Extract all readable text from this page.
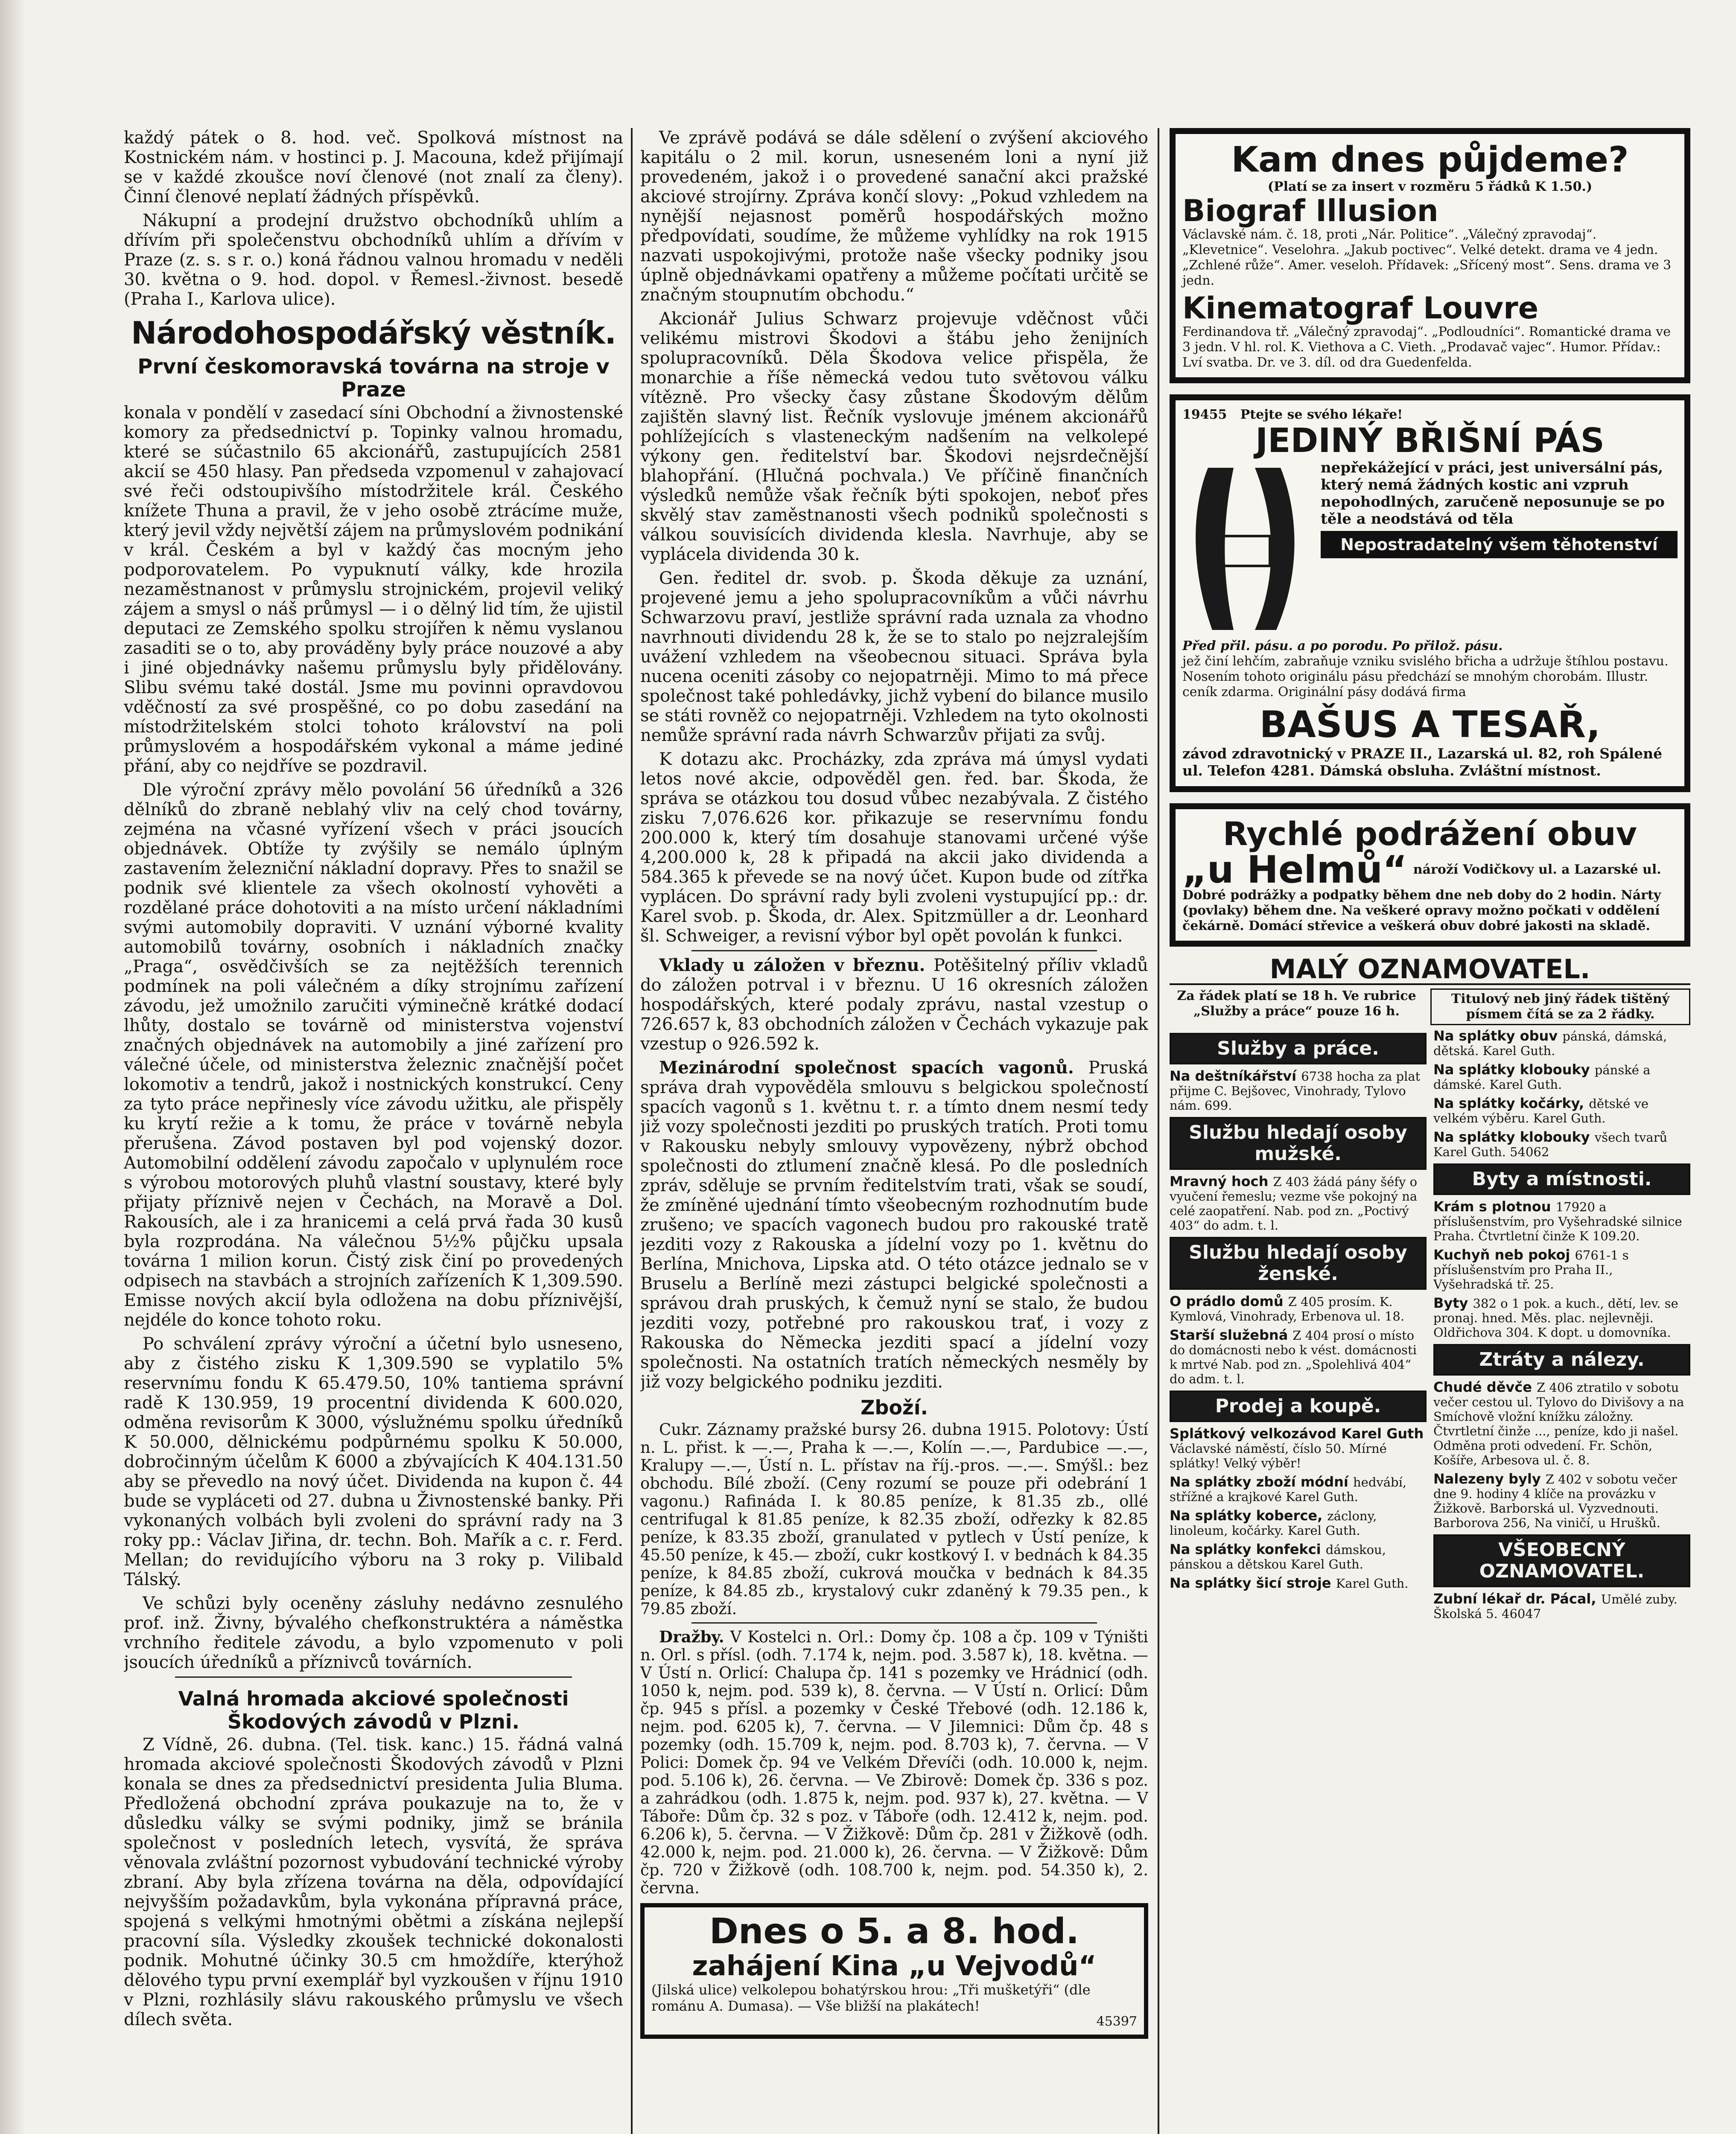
každý pátek o 8. hod. več. Spolková místnost na Kostnickém nám. v hostinci p. J. Macouna, kdež přijímají se v každé zkoušce noví členové (not znalí za členy). Činní členové neplatí žádných příspěvků.

Nákupní a prodejní družstvo obchodníků uhlím a dřívím při společenstvu obchodníků uhlím a dřívím v Praze (z. s. s r. o.) koná řádnou valnou hromadu v neděli 30. května o 9. hod. dopol. v Řemesl.-živnost. besedě (Praha I., Karlova ulice).

Národohospodářský věstník.
První českomoravská továrna na stroje v Praze

konala v pondělí v zasedací síni Obchodní a živnostenské komory za předsednictví p. Topinky valnou hromadu, které se súčastnilo 65 akcionářů, zastupujících 2581 akcií se 450 hlasy. Pan předseda vzpomenul v zahajovací své řeči odstoupivšího místodržitele král. Českého knížete Thuna a pravil, že v jeho osobě ztrácíme muže, který jevil vždy největší zájem na průmyslovém podnikání v král. Českém a byl v každý čas mocným jeho podporovatelem. Po vypuknutí války, kde hrozila nezaměstnanost v průmyslu strojnickém, projevil veliký zájem a smysl o náš průmysl — i o dělný lid tím, že ujistil deputaci ze Zemského spolku strojířen k němu vyslanou zasaditi se o to, aby prováděny byly práce nouzové a aby i jiné objednávky našemu průmyslu byly přidělovány. Slibu svému také dostál. Jsme mu povinni opravdovou vděčností za své prospěšné, co po dobu zasedání na místodržitelském stolci tohoto království na poli průmyslovém a hospodářském vykonal a máme jediné přání, aby co nejdříve se pozdravil.

Dle výroční zprávy mělo povolání 56 úředníků a 326 dělníků do zbraně neblahý vliv na celý chod továrny, zejména na včasné vyřízení všech v práci jsoucích objednávek. Obtíže ty zvýšily se nemálo úplným zastavením železniční nákladní dopravy. Přes to snažil se podnik své klientele za všech okolností vyhověti a rozdělané práce dohotoviti a na místo určení nákladními svými automobily dopraviti. V uznání výborné kvality automobilů továrny, osobních i nákladních značky „Praga“, osvědčivších se za nejtěžších terennich podmínek na poli válečném a díky strojnímu zařízení závodu, jež umožnilo zaručiti výminečně krátké dodací lhůty, dostalo se továrně od ministerstva vojenství značných objednávek na automobily a jiné zařízení pro válečné účele, od ministerstva železnic značnější počet lokomotiv a tendrů, jakož i nostnických konstrukcí. Ceny za tyto práce nepřinesly více závodu užitku, ale přispěly ku krytí režie a k tomu, že práce v továrně nebyla přerušena. Závod postaven byl pod vojenský dozor. Automobilní oddělení závodu započalo v uplynulém roce s výrobou motorových pluhů vlastní soustavy, které byly přijaty příznivě nejen v Čechách, na Moravě a Dol. Rakousích, ale i za hranicemi a celá prvá řada 30 kusů byla rozprodána. Na válečnou 5½% půjčku upsala továrna 1 milion korun. Čistý zisk činí po provedených odpisech na stavbách a strojních zařízeních K 1,309.590. Emisse nových akcií byla odložena na dobu příznivější, nejdéle do konce tohoto roku.

Po schválení zprávy výroční a účetní bylo usneseno, aby z čistého zisku K 1,309.590 se vyplatilo 5% reservnímu fondu K 65.479.50, 10% tantiema správní radě K 130.959, 19 procentní dividenda K 600.020, odměna revisorům K 3000, výslužnému spolku úředníků K 50.000, dělnickému podpůrnému spolku K 50.000, dobročinným účelům K 6000 a zbývajících K 404.131.50 aby se převedlo na nový účet. Dividenda na kupon č. 44 bude se vypláceti od 27. dubna u Živnostenské banky. Při vykonaných volbách byli zvoleni do správní rady na 3 roky pp.: Václav Jiřina, dr. techn. Boh. Mařík a c. r. Ferd. Mellan; do revidujícího výboru na 3 roky p. Vilibald Tálský.

Ve schůzi byly oceněny zásluhy nedávno zesnulého prof. inž. Živny, bývalého chefkonstruktéra a náměstka vrchního ředitele závodu, a bylo vzpomenuto v poli jsoucích úředníků a příznivců továrních.

Valná hromada akciové společnosti Škodových závodů v Plzni.

Z Vídně, 26. dubna. (Tel. tisk. kanc.) 15. řádná valná hromada akciové společnosti Škodových závodů v Plzni konala se dnes za předsednictví presidenta Julia Bluma. Předložená obchodní zpráva poukazuje na to, že v důsledku války se svými podniky, jimž se bránila společnost v posledních letech, vysvítá, že správa věnovala zvláštní pozornost vybudování technické výroby zbraní. Aby byla zřízena továrna na děla, odpovídající nejvyšším požadavkům, byla vykonána přípravná práce, spojená s velkými hmotnými obětmi a získána nejlepší pracovní síla. Výsledky zkoušek technické dokonalosti podnik. Mohutné účinky 30.5 cm hmoždíře, kterýhož dělového typu první exemplář byl vyzkoušen v říjnu 1910 v Plzni, rozhlásily slávu rakouského průmyslu ve všech dílech světa.

Ve zprávě podává se dále sdělení o zvýšení akciového kapitálu o 2 mil. korun, usneseném loni a nyní již provedeném, jakož i o provedené sanační akci pražské akciové strojírny. Zpráva končí slovy: „Pokud vzhledem na nynější nejasnost poměrů hospodářských možno předpovídati, soudíme, že můžeme vyhlídky na rok 1915 nazvati uspokojivými, protože naše všecky podniky jsou úplně objednávkami opatřeny a můžeme počítati určitě se značným stoupnutím obchodu.“

Akcionář Julius Schwarz projevuje vděčnost vůči velikému mistrovi Škodovi a štábu jeho ženijních spolupracovníků. Děla Škodova velice přispěla, že monarchie a říše německá vedou tuto světovou válku vítězně. Pro všecky časy zůstane Škodovým dělům zajištěn slavný list. Řečník vyslovuje jménem akcionářů pohlížejících s vlasteneckým nadšením na velkolepé výkony gen. ředitelství bar. Škodovi nejsrdečnější blahopřání. (Hlučná pochvala.) Ve příčině finančních výsledků nemůže však řečník býti spokojen, neboť přes skvělý stav zaměstnanosti všech podniků společnosti s válkou souvisících dividenda klesla. Navrhuje, aby se vyplácela dividenda 30 k.

Gen. ředitel dr. svob. p. Škoda děkuje za uznání, projevené jemu a jeho spolupracovníkům a vůči návrhu Schwarzovu praví, jestliže správní rada uznala za vhodno navrhnouti dividendu 28 k, že se to stalo po nejzralejším uvážení vzhledem na všeobecnou situaci. Správa byla nucena oceniti zásoby co nejopatrněji. Mimo to má přece společnost také pohledávky, jichž vybení do bilance musilo se státi rovněž co nejopatrněji. Vzhledem na tyto okolnosti nemůže správní rada návrh Schwarzův přijati za svůj.

K dotazu akc. Procházky, zda zpráva má úmysl vydati letos nové akcie, odpověděl gen. řed. bar. Škoda, že správa se otázkou tou dosud vůbec nezabývala. Z čistého zisku 7,076.626 kor. přikazuje se reservnímu fondu 200.000 k, který tím dosahuje stanovami určené výše 4,200.000 k, 28 k připadá na akcii jako dividenda a 584.365 k převede se na nový účet. Kupon bude od zítřka vyplácen. Do správní rady byli zvoleni vystupující pp.: dr. Karel svob. p. Škoda, dr. Alex. Spitzmüller a dr. Leonhard šl. Schweiger, a revisní výbor byl opět povolán k funkci.

Vklady u záložen v březnu. Potěšitelný příliv vkladů do záložen potrval i v březnu. U 16 okresních záložen hospodářských, které podaly zprávu, nastal vzestup o 726.657 k, 83 obchodních záložen v Čechách vykazuje pak vzestup o 926.592 k.

Mezinárodní společnost spacích vagonů. Pruská správa drah vypověděla smlouvu s belgickou společností spacích vagonů s 1. květnu t. r. a tímto dnem nesmí tedy již vozy společnosti jezditi po pruských tratích. Proti tomu v Rakousku nebyly smlouvy vypovězeny, nýbrž obchod společnosti do ztlumení značně klesá. Po dle posledních zpráv, sděluje se prvním ředitelstvím trati, však se soudí, že zmíněné ujednání tímto všeobecným rozhodnutím bude zrušeno; ve spacích vagonech budou pro rakouské tratě jezditi vozy z Rakouska a jídelní vozy po 1. květnu do Berlína, Mnichova, Lipska atd. O této otázce jednalo se v Bruselu a Berlíně mezi zástupci belgické společnosti a správou drah pruských, k čemuž nyní se stalo, že budou jezditi vozy, potřebné pro rakouskou trať, i vozy z Rakouska do Německa jezditi spací a jídelní vozy společnosti. Na ostatních tratích německých nesměly by již vozy belgického podniku jezditi.

Zboží.

Cukr. Záznamy pražské bursy 26. dubna 1915. Polotovy: Ústí n. L. přist. k —.—, Praha k —.—, Kolín —.—, Pardubice —.—, Kralupy —.—, Ústí n. L. přístav na říj.-pros. —.—. Smýšl.: bez obchodu. Bílé zboží. (Ceny rozumí se pouze při odebrání 1 vagonu.) Rafináda I. k 80.85 peníze, k 81.35 zb., ollé centrifugal k 81.85 peníze, k 82.35 zboží, odřezky k 82.85 peníze, k 83.35 zboží, granulated v pytlech v Ústí peníze, k 45.50 peníze, k 45.— zboží, cukr kostkový I. v bednách k 84.35 peníze, k 84.85 zboží, cukrová moučka v bednách k 84.35 peníze, k 84.85 zb., krystalový cukr zdaněný k 79.35 pen., k 79.85 zboží.

Dražby. V Kostelci n. Orl.: Domy čp. 108 a čp. 109 v Týništi n. Orl. s přísl. (odh. 7.174 k, nejm. pod. 3.587 k), 18. května. — V Ústí n. Orlicí: Chalupa čp. 141 s pozemky ve Hrádnicí (odh. 1050 k, nejm. pod. 539 k), 8. června. — V Ústí n. Orlicí: Dům čp. 945 s přísl. a pozemky v České Třebové (odh. 12.186 k, nejm. pod. 6205 k), 7. června. — V Jilemnici: Dům čp. 48 s pozemky (odh. 15.709 k, nejm. pod. 8.703 k), 7. června. — V Polici: Domek čp. 94 ve Velkém Dřevíči (odh. 10.000 k, nejm. pod. 5.106 k), 26. června. — Ve Zbirově: Domek čp. 336 s poz. a zahrádkou (odh. 1.875 k, nejm. pod. 937 k), 27. května. — V Táboře: Dům čp. 32 s poz. v Táboře (odh. 12.412 k, nejm. pod. 6.206 k), 5. června. — V Žižkově: Dům čp. 281 v Žižkově (odh. 42.000 k, nejm. pod. 21.000 k), 26. června. — V Žižkově: Dům čp. 720 v Žižkově (odh. 108.700 k, nejm. pod. 54.350 k), 2. června.

Dnes o 5. a 8. hod.
zahájení Kina „u Vejvodů“
(Jilská ulice) velkolepou bohatýrskou hrou: „Tři mušketýři“ (dle románu A. Dumasa). — Vše bližší na plakátech!
45397
Kam dnes půjdeme?
(Platí se za insert v rozměru 5 řádků K 1.50.)
Biograf Illusion
Václavské nám. č. 18, proti „Nár. Politice“. „Válečný zpravodaj“. „Klevetnice“. Veselohra. „Jakub poctivec“. Velké detekt. drama ve 4 jedn. „Zchlené růže“. Amer. veseloh. Přídavek: „Sřícený most“. Sens. drama ve 3 jedn.
Kinematograf Louvre
Ferdinandova tř. „Válečný zpravodaj“. „Podloudníci“. Romantické drama ve 3 jedn. V hl. rol. K. Viethova a C. Vieth. „Prodavač vajec“. Humor. Přídav.: Lví svatba. Dr. ve 3. díl. od dra Guedenfelda.
19455 Ptejte se svého lékaře!
JEDINÝ BŘIŠNÍ PÁS
nepřekážející v práci, jest universální pás, který nemá žádných kostic ani vzpruh nepohodlných, zaručeně neposunuje se po těle a neodstává od těla
Nepostradatelný všem těhotenství
Před přil. pásu. a po porodu. Po přilož. pásu.
jež činí lehčím, zabraňuje vzniku svislého břicha a udržuje štíhlou postavu. Nosením tohoto originálu pásu předchází se mnohým chorobám. Illustr. ceník zdarma. Originální pásy dodává firma
BAŠUS A TESAŘ,
závod zdravotnický v PRAZE II., Lazarská ul. 82, roh Spálené ul. Telefon 4281. Dámská obsluha. Zvláštní místnost.
Rychlé podrážení obuv
„u Helmů“ nároží Vodičkovy ul. a Lazarské ul.
Dobré podrážky a podpatky během dne neb doby do 2 hodin. Nárty (povlaky) během dne. Na veškeré opravy možno počkati v oddělení čekárně. Domácí střevice a veškerá obuv dobré jakosti na skladě.
MALÝ OZNAMOVATEL.
Za řádek platí se 18 h. Ve rubrice „Služby a práce“ pouze 16 h.
Titulový neb jiný řádek tištěný písmem čítá se za 2 řádky.
Služby a práce.
Na deštníkářství 6738 hocha za plat přijme C. Bejšovec, Vinohrady, Tylovo nám. 699.
Službu hledají osoby mužské.
Mravný hoch Z 403 žádá pány šéfy o vyučení řemeslu; vezme vše pokojný na celé zaopatření. Nab. pod zn. „Poctivý 403“ do adm. t. l.
Službu hledají osoby ženské.
O prádlo domů Z 405 prosím. K. Kymlová, Vinohrady, Erbenova ul. 18.
Starší služebná Z 404 prosí o místo do domácnosti nebo k vést. domácnosti k mrtvé Nab. pod zn. „Spolehlivá 404“ do adm. t. l.
Prodej a koupě.
Splátkový velkozávod Karel Guth Václavské náměstí, číslo 50. Mírné splátky! Velký výběr!
Na splátky zboží módní hedvábí, střížné a krajkové Karel Guth.
Na splátky koberce, záclony, linoleum, kočárky. Karel Guth.
Na splátky konfekci dámskou, pánskou a dětskou Karel Guth.
Na splátky šicí stroje Karel Guth.
Na splátky obuv pánská, dámská, dětská. Karel Guth.
Na splátky klobouky pánské a dámské. Karel Guth.
Na splátky kočárky, dětské ve velkém výběru. Karel Guth.
Na splátky klobouky všech tvarů Karel Guth. 54062
Byty a místnosti.
Krám s plotnou 17920 a příslušenstvím, pro Vyšehradské silnice Praha. Čtvrtletní činže K 109.20.
Kuchyň neb pokoj 6761-1 s příslušenstvím pro Praha II., Vyšehradská tř. 25.
Byty 382 o 1 pok. a kuch., dětí, lev. se pronaj. hned. Měs. plac. nejlevněji. Oldřichova 304. K dopt. u domovníka.
Ztráty a nálezy.
Chudé děvče Z 406 ztratilo v sobotu večer cestou ul. Tylovo do Divišovy a na Smíchově vložní knížku záložny. Čtvrtletní činže ..., peníze, kdo ji našel. Odměna proti odvedení. Fr. Schön, Košíře, Arbesova ul. č. 8.
Nalezeny byly Z 402 v sobotu večer dne 9. hodiny 4 klíče na provázku v Žižkově. Barborská ul. Vyzvednouti. Barborova 256, Na viničí, u Hrušků.
VŠEOBECNÝ OZNAMOVATEL.
Zubní lékař dr. Pácal, Umělé zuby. Školská 5. 46047
